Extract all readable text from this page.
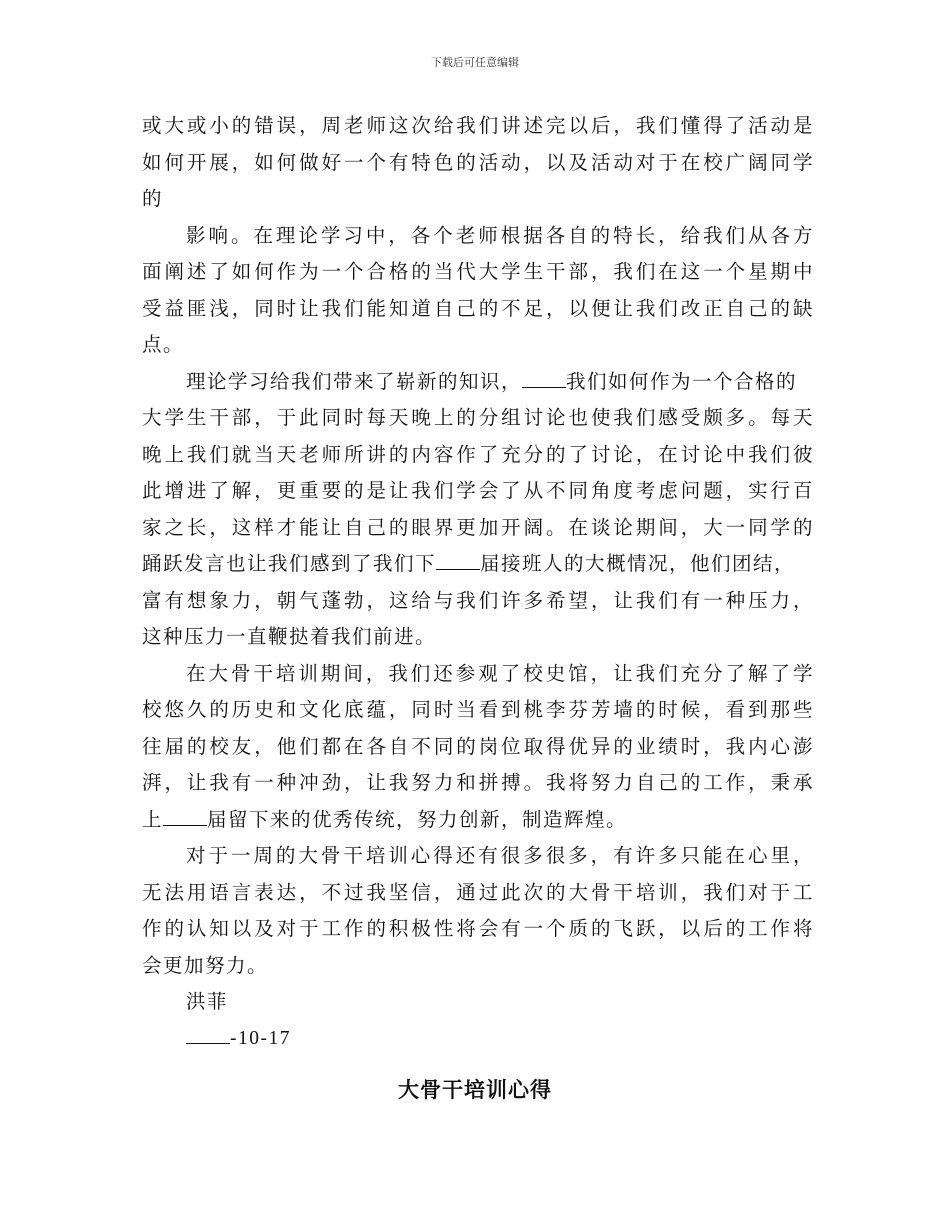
下载后可任意编辑
或大或小的错误，周老师这次给我们讲述完以后，我们懂得了活动是
如何开展，如何做好一个有特色的活动，以及活动对于在校广阔同学
的
影响。在理论学习中，各个老师根据各自的特长，给我们从各方
面阐述了如何作为一个合格的当代大学生干部，我们在这一个星期中
受益匪浅，同时让我们能知道自己的不足，以便让我们改正自己的缺
点。
理论学习给我们带来了崭新的知识， 我们如何作为一个合格的
大学生干部，于此同时每天晚上的分组讨论也使我们感受颇多。每天
晚上我们就当天老师所讲的内容作了充分的了讨论，在讨论中我们彼
此增进了解，更重要的是让我们学会了从不同角度考虑问题，实行百
家之长，这样才能让自己的眼界更加开阔。在谈论期间，大一同学的
踊跃发言也让我们感到了我们下 届接班人的大概情况，他们团结，
富有想象力，朝气蓬勃，这给与我们许多希望，让我们有一种压力，
这种压力一直鞭挞着我们前进。
在大骨干培训期间，我们还参观了校史馆，让我们充分了解了学
校悠久的历史和文化底蕴，同时当看到桃李芬芳墙的时候，看到那些
往届的校友，他们都在各自不同的岗位取得优异的业绩时，我内心澎
湃，让我有一种冲劲，让我努力和拼搏。我将努力自己的工作，秉承
上 届留下来的优秀传统，努力创新，制造辉煌。
对于一周的大骨干培训心得还有很多很多，有许多只能在心里，
无法用语言表达，不过我坚信，通过此次的大骨干培训，我们对于工
作的认知以及对于工作的积极性将会有一个质的飞跃，以后的工作将
会更加努力。
洪菲
-10-17
大骨干培训心得
